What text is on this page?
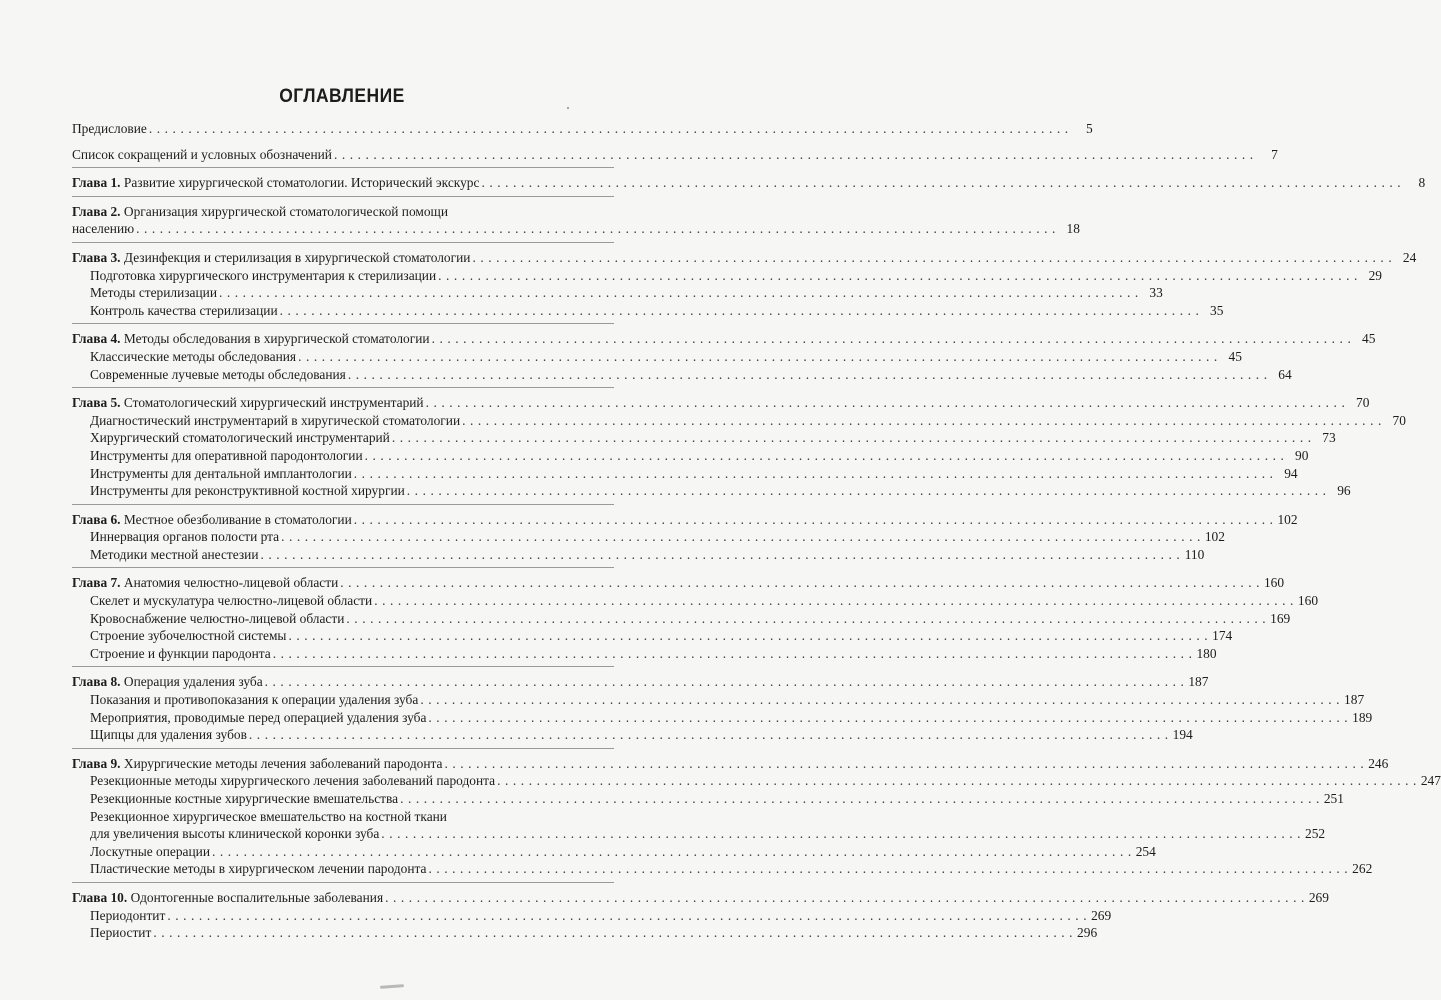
ОГЛАВЛЕНИЕ
Предисловие . . .	5
Список сокращений и условных обозначений . . .	7
Глава 1. Развитие хирургической стоматологии. Исторический экскурс . . .	8
Глава 2. Организация хирургической стоматологической помощи
населению . . .	18
Глава 3. Дезинфекция и стерилизация в хирургической стоматологии . . .	24
Подготовка хирургического инструментария к стерилизации . . .	29
Методы стерилизации . . .	33
Контроль качества стерилизации . . .	35
Глава 4. Методы обследования в хирургической стоматологии . . .	45
Классические методы обследования . . .	45
Современные лучевые методы обследования . . .	64
Глава 5. Стоматологический хирургический инструментарий . . .	70
Диагностический инструментарий в хиругической стоматологии . . .	70
Хирургический стоматологический инструментарий . . .	73
Инструменты для оперативной пародонтологии . . .	90
Инструменты для дентальной имплантологии . . .	94
Инструменты для реконструктивной костной хирургии . . .	96
Глава 6. Местное обезболивание в стоматологии . . .	102
Иннервация органов полости рта . . .	102
Методики местной анестезии . . .	110
Глава 7. Анатомия челюстно-лицевой области . . .	160
Скелет и мускулатура челюстно-лицевой области . . .	160
Кровоснабжение челюстно-лицевой области . . .	169
Строение зубочелюстной системы . . .	174
Строение и функции пародонта . . .	180
Глава 8. Операция удаления зуба . . .	187
Показания и противопоказания к операции удаления зуба . . .	187
Мероприятия, проводимые перед операцией удаления зуба . . .	189
Щипцы для удаления зубов . . .	194
Глава 9. Хирургические методы лечения заболеваний пародонта . . .	246
Резекционные методы хирургического лечения заболеваний пародонта . . .	247
Резекционные костные хирургические вмешательства . . .	251
Резекционное хирургическое вмешательство на костной ткани
для увеличения высоты клинической коронки зуба . . .	252
Лоскутные операции . . .	254
Пластические методы в хирургическом лечении пародонта . . .	262
Глава 10. Одонтогенные воспалительные заболевания . . .	269
Периодонтит . . .	269
Периостит . . .	296
